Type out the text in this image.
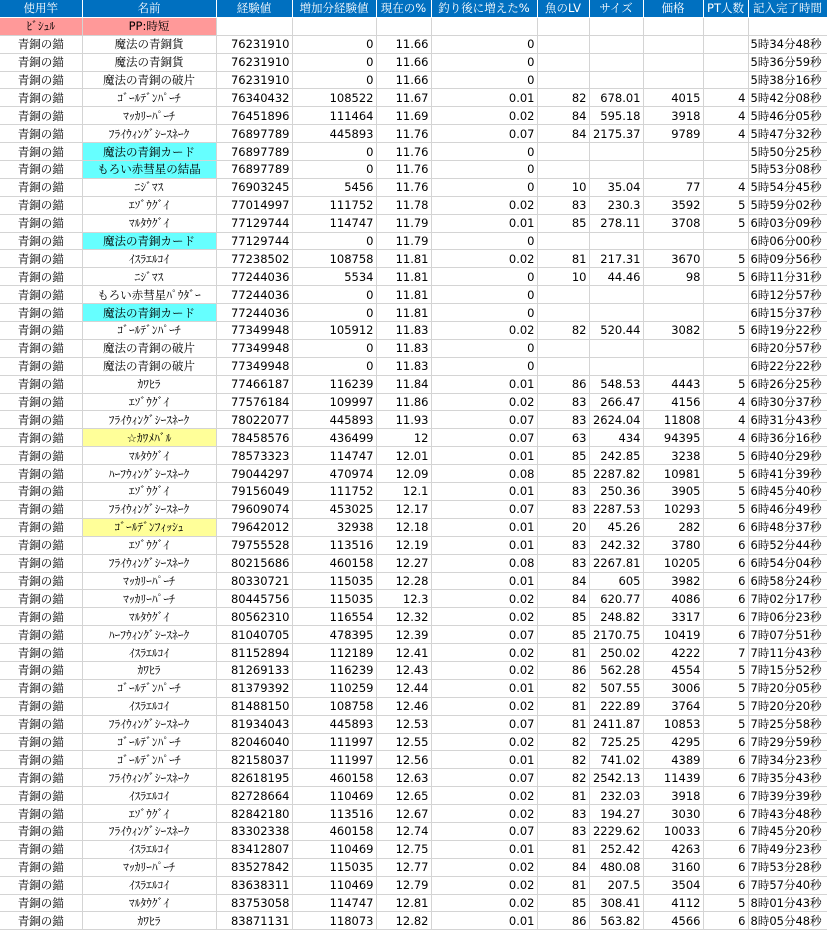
使用竿	名前	経験値	増加分経験値	現在の%	釣り後に増えた%	魚のLV	サイズ	価格	PT人数	記入完了時間
ﾋﾞｼｭﾙ	PP:時短									
青銅の錨	魔法の青銅貨	76231910	0	11.66	0					5時34分48秒
青銅の錨	魔法の青銅貨	76231910	0	11.66	0					5時36分59秒
青銅の錨	魔法の青銅の破片	76231910	0	11.66	0					5時38分16秒
青銅の錨	ｺﾞｰﾙﾃﾞﾝﾊﾟｰﾁ	76340432	108522	11.67	0.01	82	678.01	4015	4	5時42分08秒
青銅の錨	ﾏｯｶﾘｰﾊﾟｰﾁ	76451896	111464	11.69	0.02	84	595.18	3918	4	5時46分05秒
青銅の錨	ﾌﾗｲｳｨﾝｸﾞｼｰｽﾈｰｸ	76897789	445893	11.76	0.07	84	2175.37	9789	4	5時47分32秒
青銅の錨	魔法の青銅カード	76897789	0	11.76	0					5時50分25秒
青銅の錨	もろい赤彗星の結晶	76897789	0	11.76	0					5時53分08秒
青銅の錨	ﾆｼﾞﾏｽ	76903245	5456	11.76	0	10	35.04	77	4	5時54分45秒
青銅の錨	ｴｿﾞｳｸﾞｲ	77014997	111752	11.78	0.02	83	230.3	3592	5	5時59分02秒
青銅の錨	ﾏﾙﾀｳｸﾞｲ	77129744	114747	11.79	0.01	85	278.11	3708	5	6時03分09秒
青銅の錨	魔法の青銅カード	77129744	0	11.79	0					6時06分00秒
青銅の錨	ｲｽﾗｴﾙｺｲ	77238502	108758	11.81	0.02	81	217.31	3670	5	6時09分56秒
青銅の錨	ﾆｼﾞﾏｽ	77244036	5534	11.81	0	10	44.46	98	5	6時11分31秒
青銅の錨	もろい赤彗星ﾊﾟｳﾀﾞｰ	77244036	0	11.81	0					6時12分57秒
青銅の錨	魔法の青銅カード	77244036	0	11.81	0					6時15分37秒
青銅の錨	ｺﾞｰﾙﾃﾞﾝﾊﾟｰﾁ	77349948	105912	11.83	0.02	82	520.44	3082	5	6時19分22秒
青銅の錨	魔法の青銅の破片	77349948	0	11.83	0					6時20分57秒
青銅の錨	魔法の青銅の破片	77349948	0	11.83	0					6時22分22秒
青銅の錨	ｶﾜﾋﾗ	77466187	116239	11.84	0.01	86	548.53	4443	5	6時26分25秒
青銅の錨	ｴｿﾞｳｸﾞｲ	77576184	109997	11.86	0.02	83	266.47	4156	4	6時30分37秒
青銅の錨	ﾌﾗｲｳｨﾝｸﾞｼｰｽﾈｰｸ	78022077	445893	11.93	0.07	83	2624.04	11808	4	6時31分43秒
青銅の錨	☆ｶﾜﾒﾊﾞﾙ	78458576	436499	12	0.07	63	434	94395	4	6時36分16秒
青銅の錨	ﾏﾙﾀｳｸﾞｲ	78573323	114747	12.01	0.01	85	242.85	3238	5	6時40分29秒
青銅の錨	ﾊｰﾌｳｨﾝｸﾞｼｰｽﾈｰｸ	79044297	470974	12.09	0.08	85	2287.82	10981	5	6時41分39秒
青銅の錨	ｴｿﾞｳｸﾞｲ	79156049	111752	12.1	0.01	83	250.36	3905	5	6時45分40秒
青銅の錨	ﾌﾗｲｳｨﾝｸﾞｼｰｽﾈｰｸ	79609074	453025	12.17	0.07	83	2287.53	10293	5	6時46分49秒
青銅の錨	ｺﾞｰﾙﾃﾞﾝﾌｨｯｼｭ	79642012	32938	12.18	0.01	20	45.26	282	6	6時48分37秒
青銅の錨	ｴｿﾞｳｸﾞｲ	79755528	113516	12.19	0.01	83	242.32	3780	6	6時52分44秒
青銅の錨	ﾌﾗｲｳｨﾝｸﾞｼｰｽﾈｰｸ	80215686	460158	12.27	0.08	83	2267.81	10205	6	6時54分04秒
青銅の錨	ﾏｯｶﾘｰﾊﾟｰﾁ	80330721	115035	12.28	0.01	84	605	3982	6	6時58分24秒
青銅の錨	ﾏｯｶﾘｰﾊﾟｰﾁ	80445756	115035	12.3	0.02	84	620.77	4086	6	7時02分17秒
青銅の錨	ﾏﾙﾀｳｸﾞｲ	80562310	116554	12.32	0.02	85	248.82	3317	6	7時06分23秒
青銅の錨	ﾊｰﾌｳｨﾝｸﾞｼｰｽﾈｰｸ	81040705	478395	12.39	0.07	85	2170.75	10419	6	7時07分51秒
青銅の錨	ｲｽﾗｴﾙｺｲ	81152894	112189	12.41	0.02	81	250.02	4222	7	7時11分43秒
青銅の錨	ｶﾜﾋﾗ	81269133	116239	12.43	0.02	86	562.28	4554	5	7時15分52秒
青銅の錨	ｺﾞｰﾙﾃﾞﾝﾊﾟｰﾁ	81379392	110259	12.44	0.01	82	507.55	3006	5	7時20分05秒
青銅の錨	ｲｽﾗｴﾙｺｲ	81488150	108758	12.46	0.02	81	222.89	3764	5	7時20分20秒
青銅の錨	ﾌﾗｲｳｨﾝｸﾞｼｰｽﾈｰｸ	81934043	445893	12.53	0.07	81	2411.87	10853	5	7時25分58秒
青銅の錨	ｺﾞｰﾙﾃﾞﾝﾊﾟｰﾁ	82046040	111997	12.55	0.02	82	725.25	4295	6	7時29分59秒
青銅の錨	ｺﾞｰﾙﾃﾞﾝﾊﾟｰﾁ	82158037	111997	12.56	0.01	82	741.02	4389	6	7時34分23秒
青銅の錨	ﾌﾗｲｳｨﾝｸﾞｼｰｽﾈｰｸ	82618195	460158	12.63	0.07	82	2542.13	11439	6	7時35分43秒
青銅の錨	ｲｽﾗｴﾙｺｲ	82728664	110469	12.65	0.02	81	232.03	3918	6	7時39分39秒
青銅の錨	ｴｿﾞｳｸﾞｲ	82842180	113516	12.67	0.02	83	194.27	3030	6	7時43分48秒
青銅の錨	ﾌﾗｲｳｨﾝｸﾞｼｰｽﾈｰｸ	83302338	460158	12.74	0.07	83	2229.62	10033	6	7時45分20秒
青銅の錨	ｲｽﾗｴﾙｺｲ	83412807	110469	12.75	0.01	81	252.42	4263	6	7時49分23秒
青銅の錨	ﾏｯｶﾘｰﾊﾟｰﾁ	83527842	115035	12.77	0.02	84	480.08	3160	6	7時53分28秒
青銅の錨	ｲｽﾗｴﾙｺｲ	83638311	110469	12.79	0.02	81	207.5	3504	6	7時57分40秒
青銅の錨	ﾏﾙﾀｳｸﾞｲ	83753058	114747	12.81	0.02	85	308.41	4112	5	8時01分43秒
青銅の錨	ｶﾜﾋﾗ	83871131	118073	12.82	0.01	86	563.82	4566	6	8時05分48秒
